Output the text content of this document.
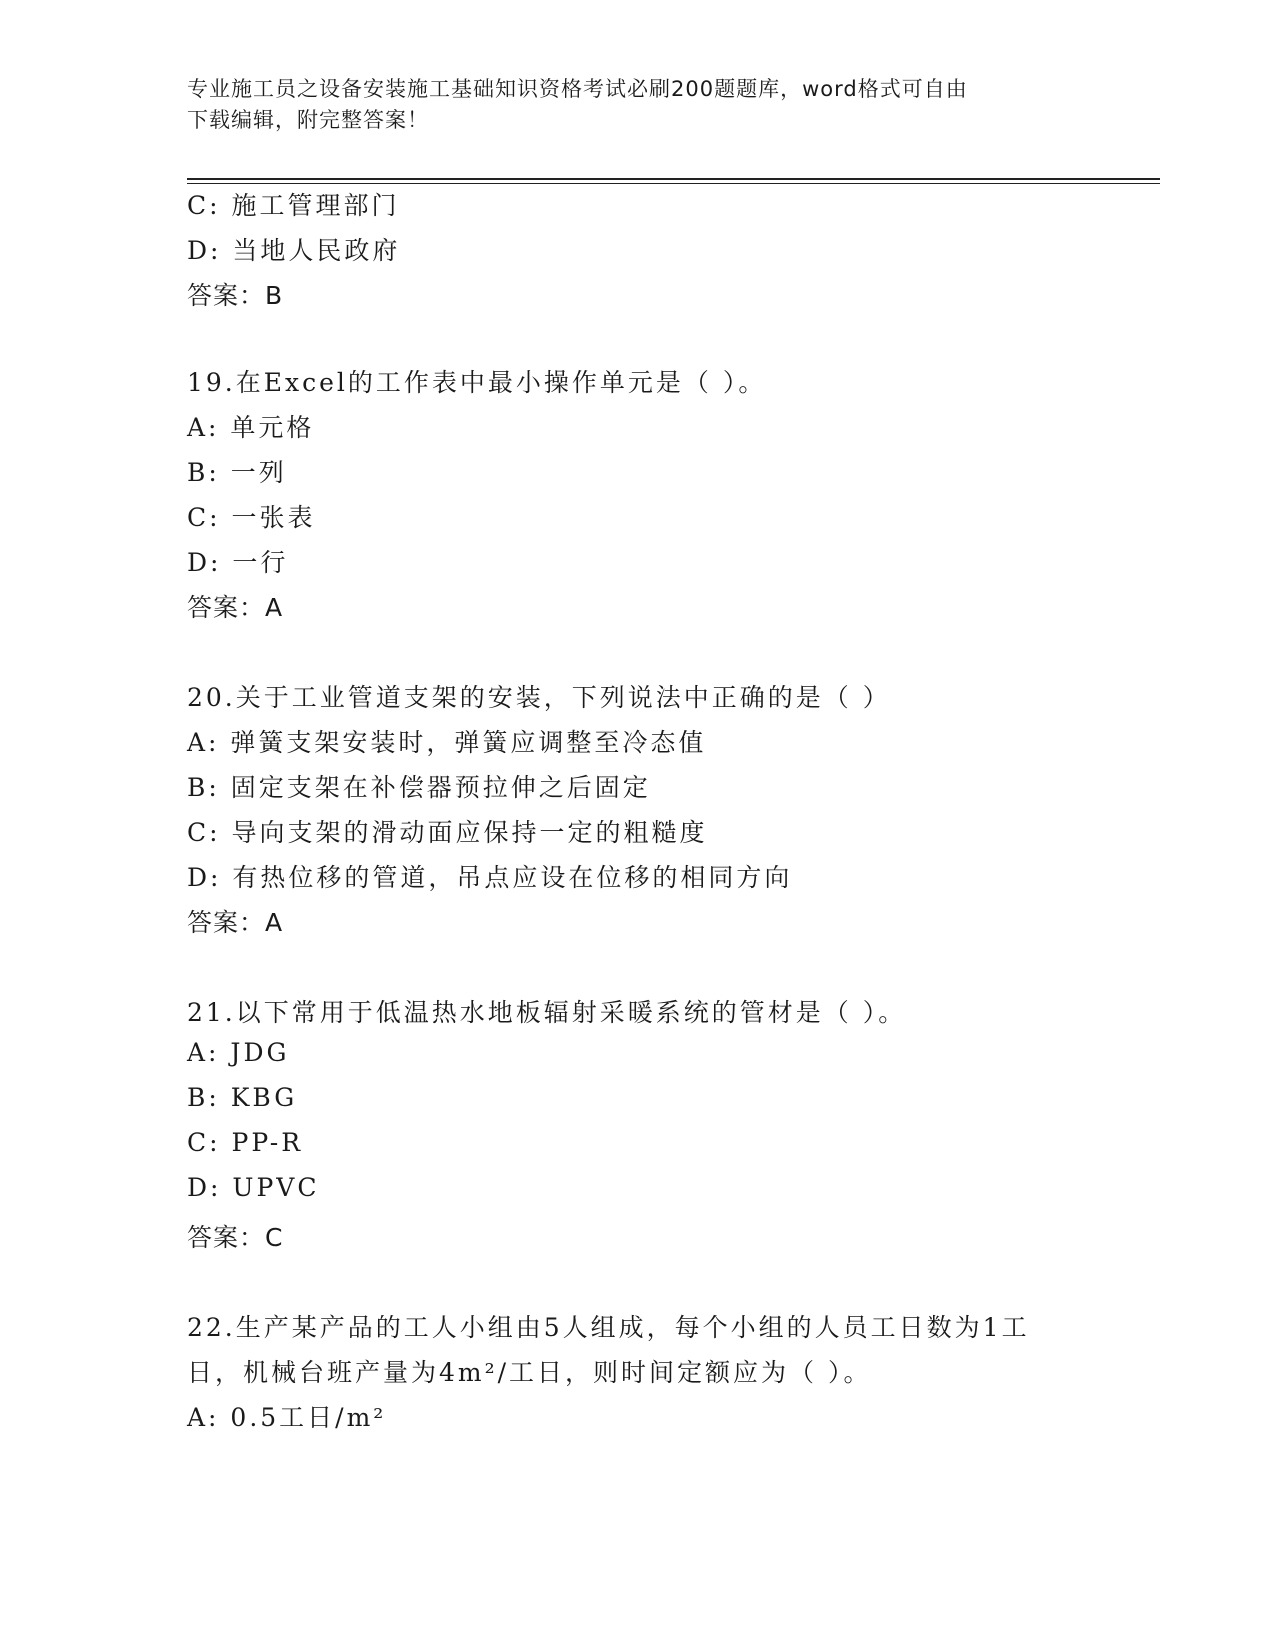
专业施工员之设备安装施工基础知识资格考试必刷200题题库，word格式可自由
下载编辑，附完整答案！
C: 施工管理部门
D: 当地人民政府
答案：B
19.在Excel的工作表中最小操作单元是（ ）。
A: 单元格
B: 一列
C: 一张表
D: 一行
答案：A
20.关于工业管道支架的安装，下列说法中正确的是（ ）
A: 弹簧支架安装时，弹簧应调整至冷态值
B: 固定支架在补偿器预拉伸之后固定
C: 导向支架的滑动面应保持一定的粗糙度
D: 有热位移的管道，吊点应设在位移的相同方向
答案：A
21.以下常用于低温热水地板辐射采暖系统的管材是（ ）。
A: JDG
B: KBG
C: PP-R
D: UPVC
答案：C
22.生产某产品的工人小组由5人组成，每个小组的人员工日数为1工
日，机械台班产量为4m²/工日，则时间定额应为（ ）。
A: 0.5工日/m²
